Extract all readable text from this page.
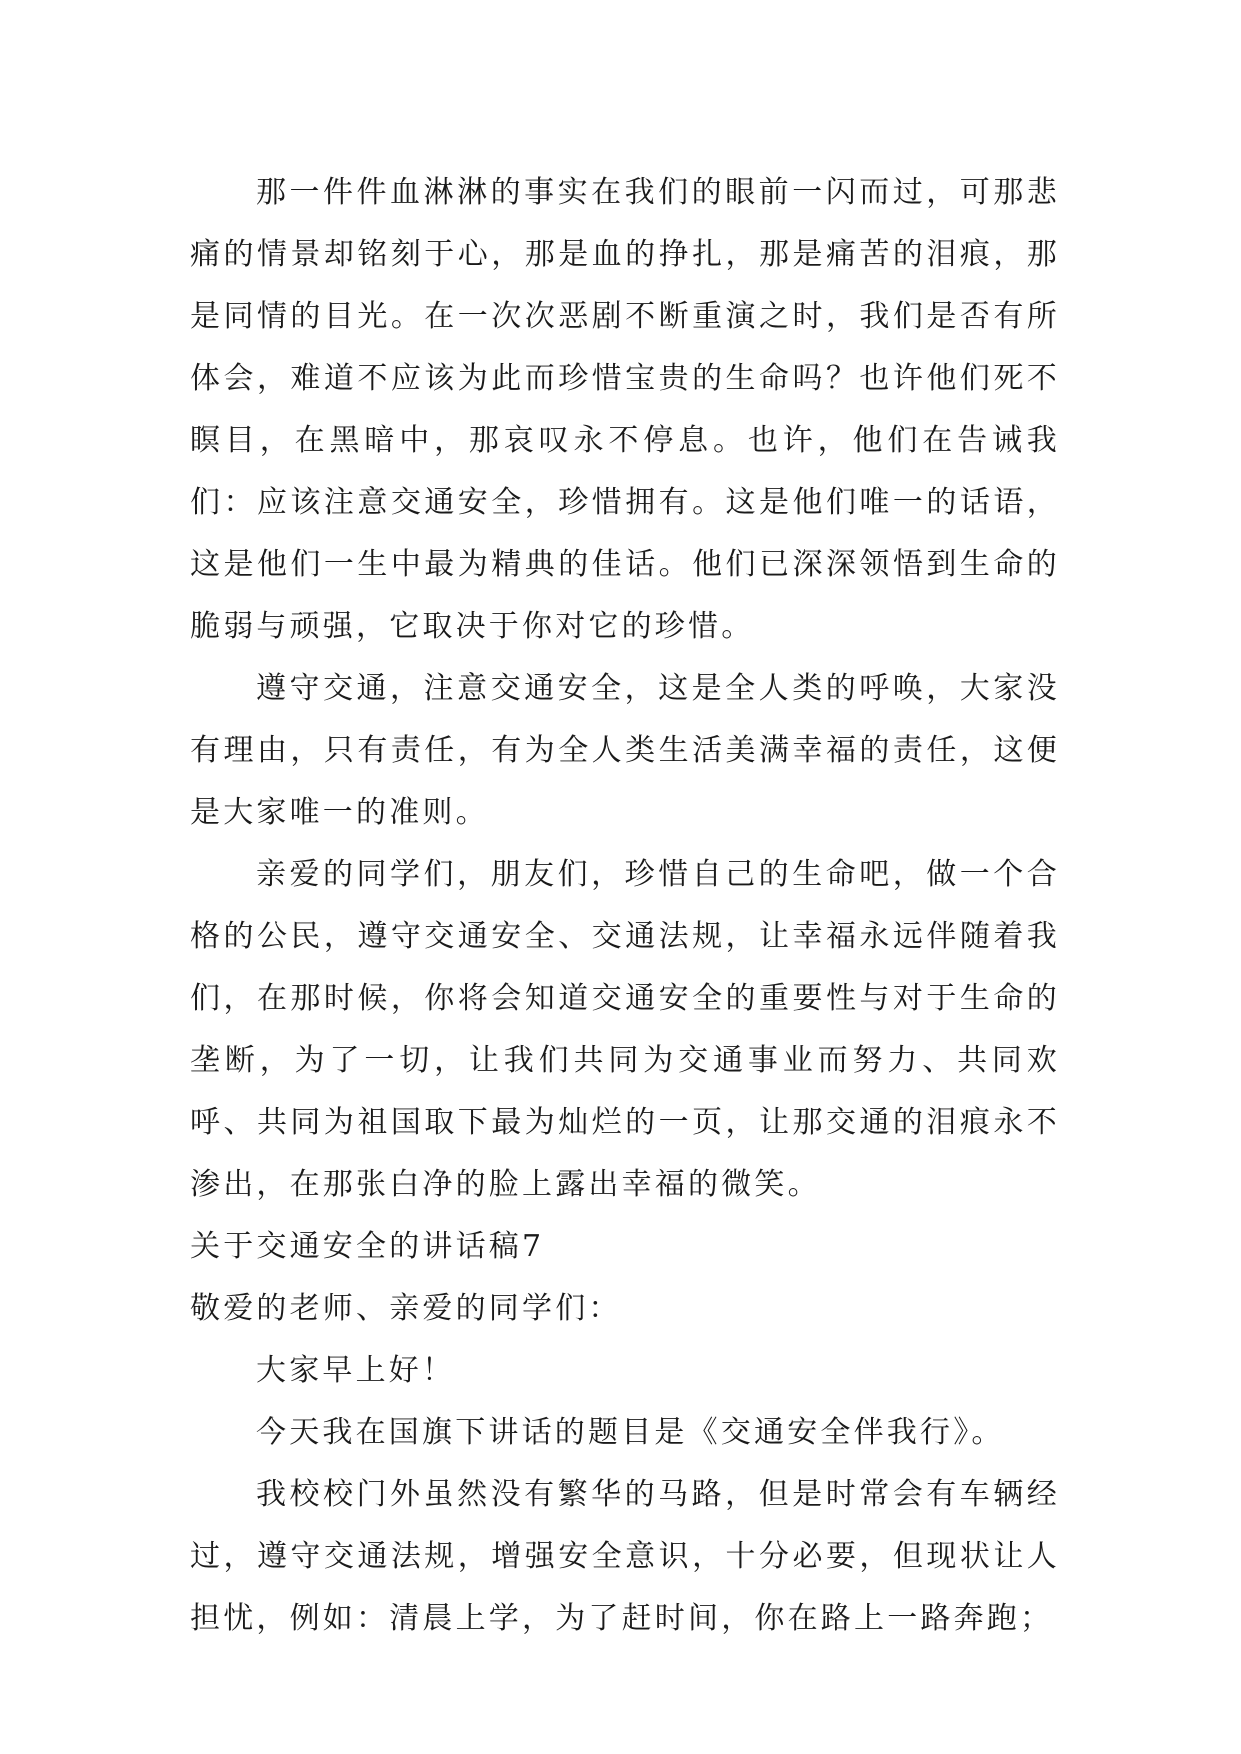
那一件件血淋淋的事实在我们的眼前一闪而过，可那悲痛的情景却铭刻于心，那是血的挣扎，那是痛苦的泪痕，那是同情的目光。在一次次恶剧不断重演之时，我们是否有所体会，难道不应该为此而珍惜宝贵的生命吗？也许他们死不瞑目，在黑暗中，那哀叹永不停息。也许，他们在告诫我们：应该注意交通安全，珍惜拥有。这是他们唯一的话语，这是他们一生中最为精典的佳话。他们已深深领悟到生命的脆弱与顽强，它取决于你对它的珍惜。

遵守交通，注意交通安全，这是全人类的呼唤，大家没有理由，只有责任，有为全人类生活美满幸福的责任，这便是大家唯一的准则。

亲爱的同学们，朋友们，珍惜自己的生命吧，做一个合格的公民，遵守交通安全、交通法规，让幸福永远伴随着我们，在那时候，你将会知道交通安全的重要性与对于生命的垄断，为了一切，让我们共同为交通事业而努力、共同欢呼、共同为祖国取下最为灿烂的一页，让那交通的泪痕永不渗出，在那张白净的脸上露出幸福的微笑。

关于交通安全的讲话稿7

敬爱的老师、亲爱的同学们：

大家早上好！

今天我在国旗下讲话的题目是《交通安全伴我行》。

我校校门外虽然没有繁华的马路，但是时常会有车辆经过，遵守交通法规，增强安全意识，十分必要，但现状让人担忧，例如：清晨上学，为了赶时间，你在路上一路奔跑；
